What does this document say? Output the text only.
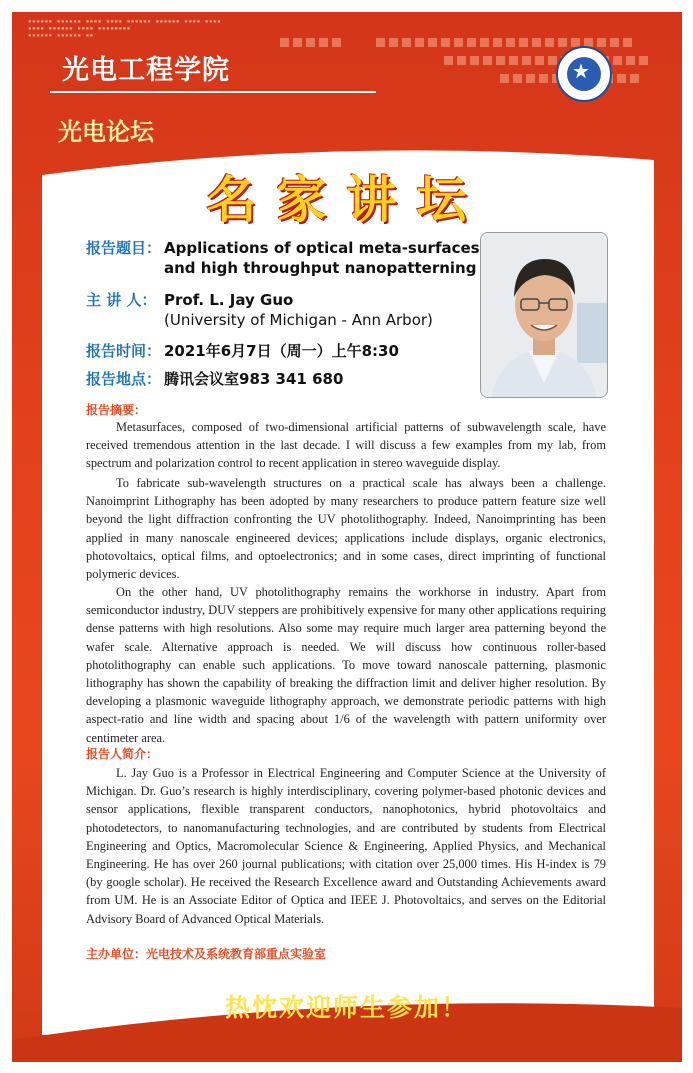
▪▪▪▪▪▪ ▪▪▪▪▪▪ ▪▪▪▪ ▪▪▪▪ ▪▪▪▪▪▪ ▪▪▪▪▪▪ ▪▪▪▪ ▪▪▪▪
▪▪▪▪ ▪▪▪▪▪▪ ▪▪▪▪ ▪▪▪▪▪▪▪▪
▪▪▪▪▪▪ ▪▪▪▪▪▪ ▪▪
光电工程学院
光电论坛
★
名家讲坛
报告题目： Applications of optical meta-surfaces
and high throughput nanopatterning
主 讲 人： Prof. L. Jay Guo
(University of Michigan - Ann Arbor)
报告时间： 2021年6月7日（周一）上午8:30
报告地点： 腾讯会议室983 341 680
报告摘要：

Metasurfaces, composed of two-dimensional artificial patterns of subwavelength scale, have received tremendous attention in the last decade. I will discuss a few examples from my lab, from spectrum and polarization control to recent application in stereo waveguide display.

To fabricate sub-wavelength structures on a practical scale has always been a challenge. Nanoimprint Lithography has been adopted by many researchers to produce pattern feature size well beyond the light diffraction confronting the UV photolithography. Indeed, Nanoimprinting has been applied in many nanoscale engineered devices; applications include displays, organic electronics, photovoltaics, optical films, and optoelectronics; and in some cases, direct imprinting of functional polymeric devices.

On the other hand, UV photolithography remains the workhorse in industry. Apart from semiconductor industry, DUV steppers are prohibitively expensive for many other applications requiring dense patterns with high resolutions. Also some may require much larger area patterning beyond the wafer scale. Alternative approach is needed. We will discuss how continuous roller-based photolithography can enable such applications. To move toward nanoscale patterning, plasmonic lithography has shown the capability of breaking the diffraction limit and deliver higher resolution. By developing a plasmonic waveguide lithography approach, we demonstrate periodic patterns with high aspect-ratio and line width and spacing about 1/6 of the wavelength with pattern uniformity over centimeter area.

报告人简介：

L. Jay Guo is a Professor in Electrical Engineering and Computer Science at the University of Michigan. Dr. Guo’s research is highly interdisciplinary, covering polymer-based photonic devices and sensor applications, flexible transparent conductors, nanophotonics, hybrid photovoltaics and photodetectors, to nanomanufacturing technologies, and are contributed by students from Electrical Engineering and Optics, Macromolecular Science & Engineering, Applied Physics, and Mechanical Engineering. He has over 260 journal publications; with citation over 25,000 times. His H-index is 79 (by google scholar). He received the Research Excellence award and Outstanding Achievements award from UM. He is an Associate Editor of Optica and IEEE J. Photovoltaics, and serves on the Editorial Advisory Board of Advanced Optical Materials.

主办单位：光电技术及系统教育部重点实验室
热忱欢迎师生参加！
